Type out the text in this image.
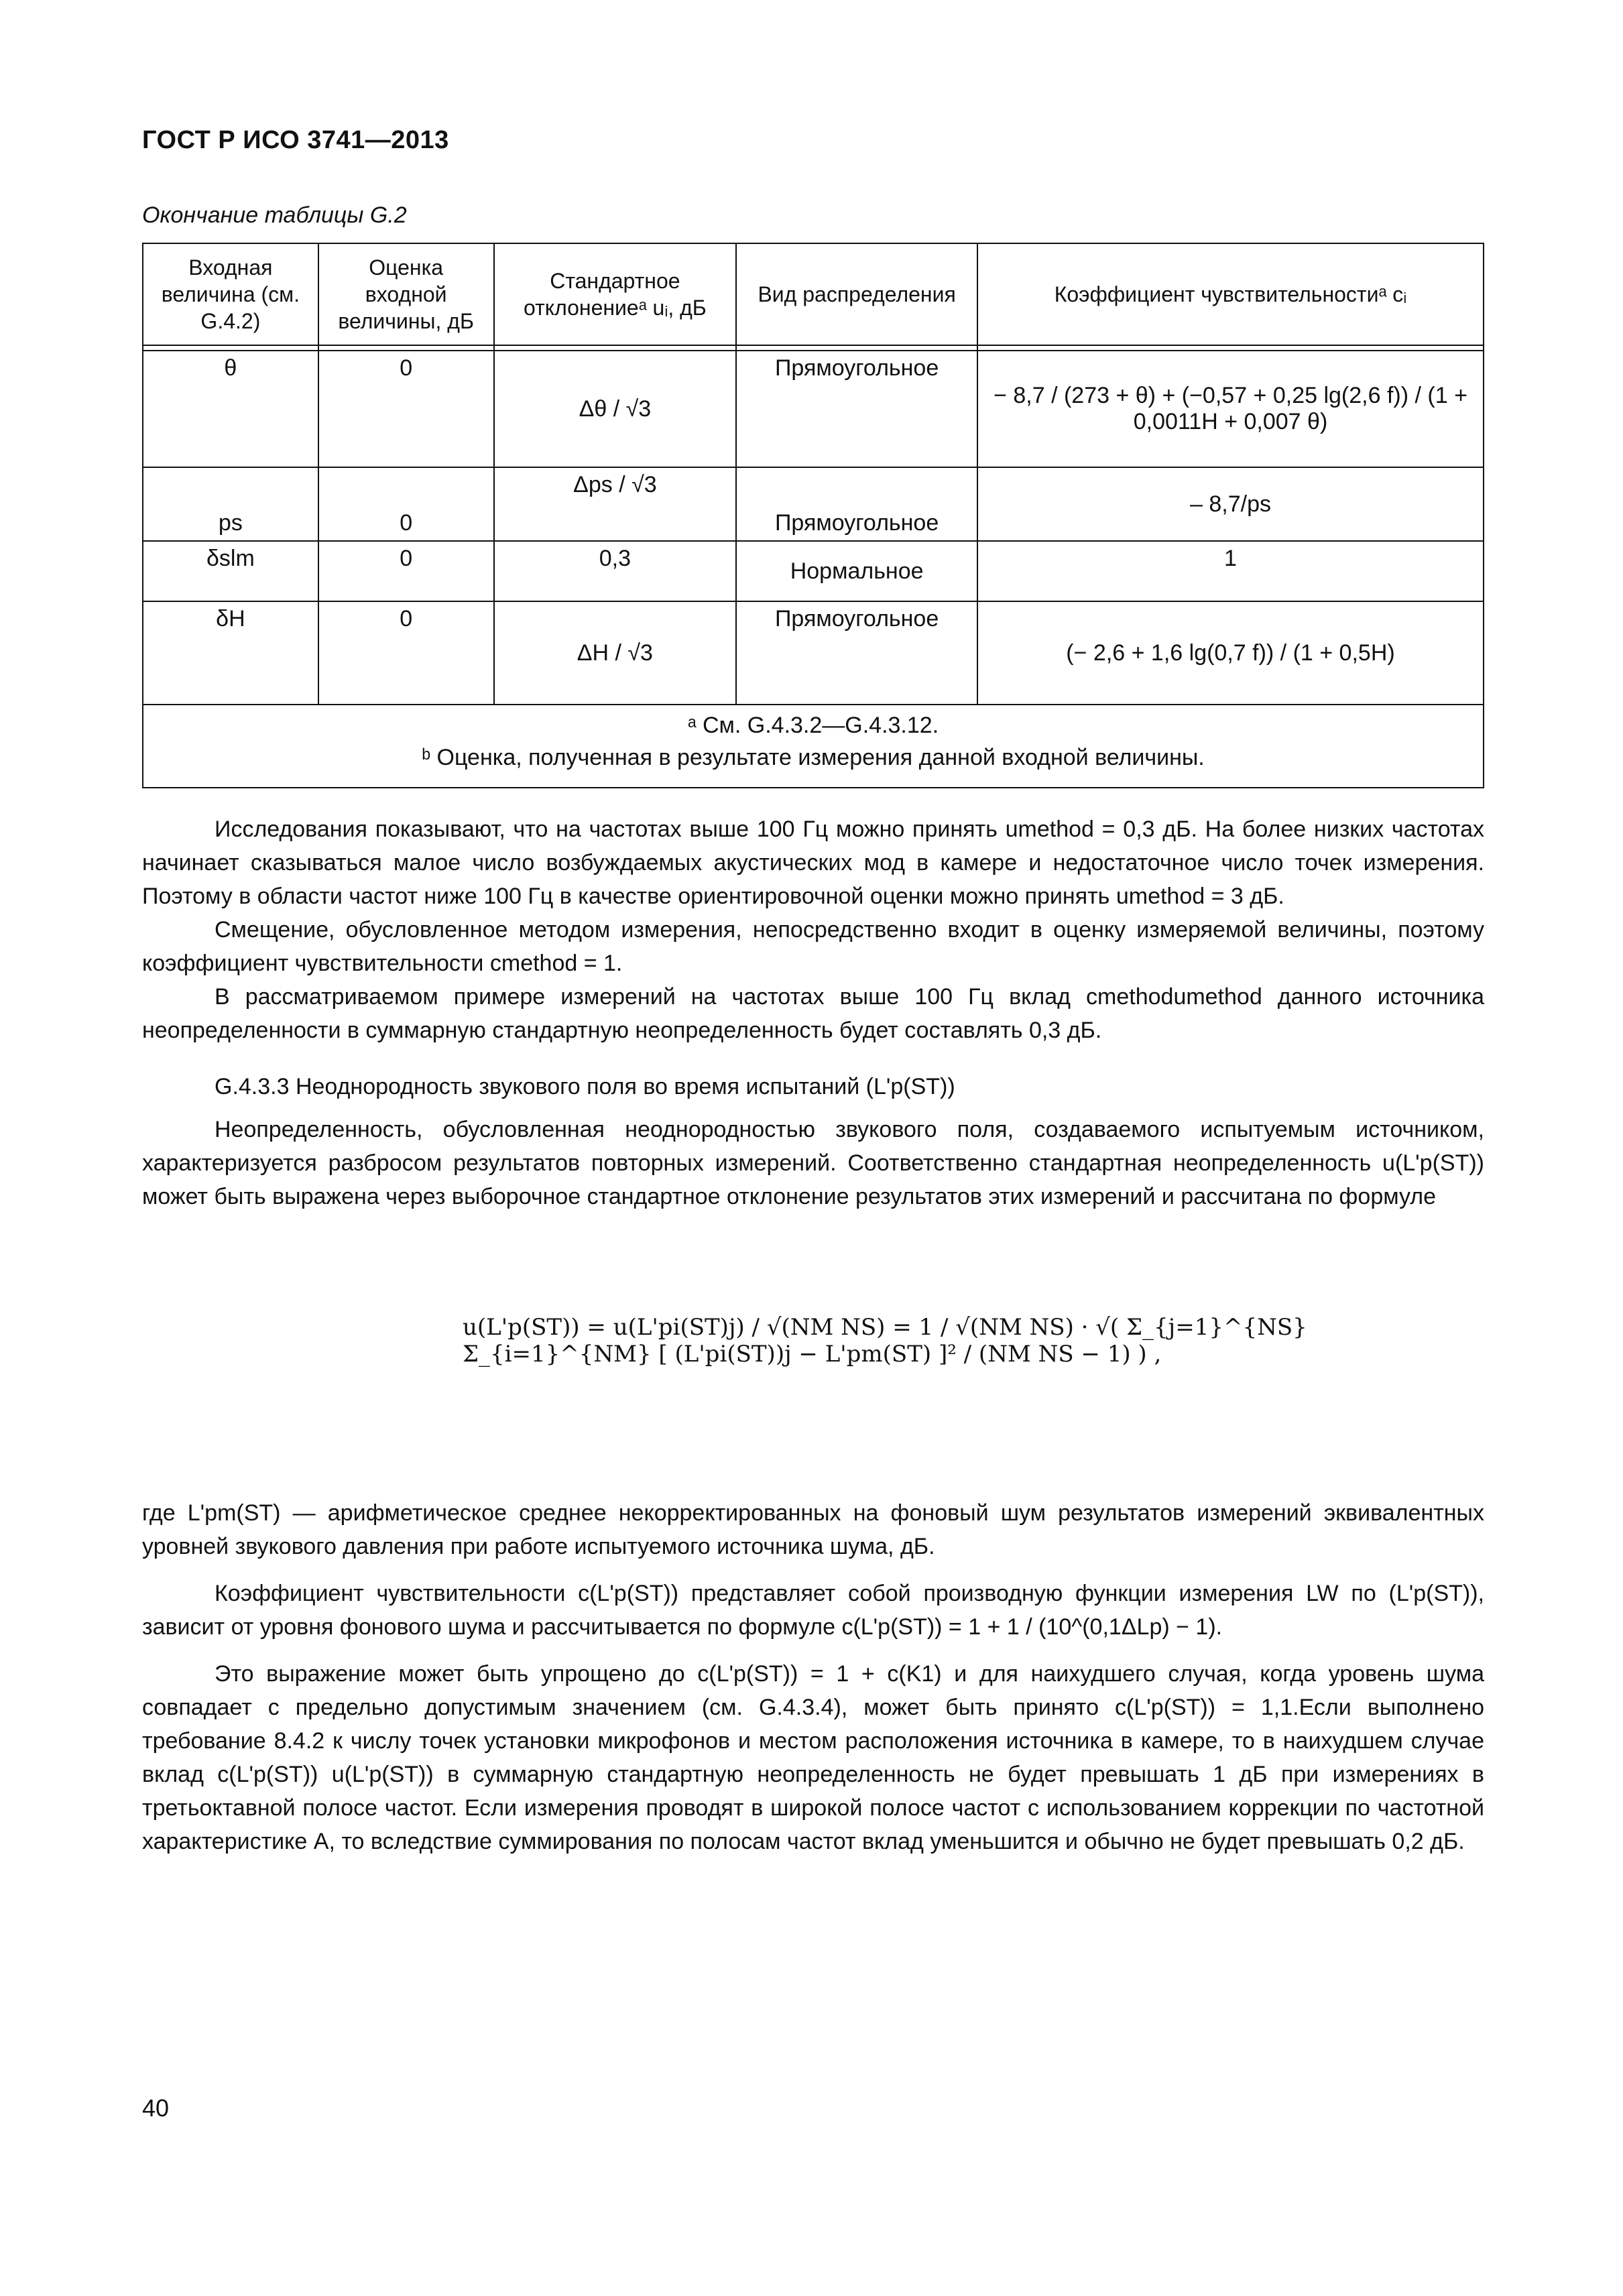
ГОСТ Р ИСО 3741—2013
Окончание таблицы G.2
Входная величина (см. G.4.2)	Оценка входной величины, дБ	Стандартное отклонениеᵃ uᵢ, дБ	Вид распределения	Коэффициент чувствительностиᵃ cᵢ

θ	0	Δθ / √3	Прямоугольное	− 8,7 / (273 + θ) + (−0,57 + 0,25 lg(2,6 f)) / (1 + 0,0011H + 0,007 θ)
ps	0	Δps / √3	Прямоугольное	– 8,7/ps
δslm	0	0,3	Нормальное	1
δH	0	ΔH / √3	Прямоугольное	(− 2,6 + 1,6 lg(0,7 f)) / (1 + 0,5H)

ᵃ См. G.4.3.2—G.4.3.12.
ᵇ Оценка, полученная в результате измерения данной входной величины.				

Исследования показывают, что на частотах выше 100 Гц можно принять umethod = 0,3 дБ. На более низких частотах начинает сказываться малое число возбуждаемых акустических мод в камере и недостаточное число точек измерения. Поэтому в области частот ниже 100 Гц в качестве ориентировочной оценки можно принять umethod = 3 дБ.

Смещение, обусловленное методом измерения, непосредственно входит в оценку измеряемой величины, поэтому коэффициент чувствительности cmethod = 1.

В рассматриваемом примере измерений на частотах выше 100 Гц вклад cmethodumethod данного источника неопределенности в суммарную стандартную неопределенность будет составлять 0,3 дБ.

G.4.3.3 Неоднородность звукового поля во время испытаний (L'p(ST))

Неопределенность, обусловленная неоднородностью звукового поля, создаваемого испытуемым источником, характеризуется разбросом результатов повторных измерений. Соответственно стандартная неопределенность u(L'p(ST)) может быть выражена через выборочное стандартное отклонение результатов этих измерений и рассчитана по формуле

u(L'p(ST)) = u(L'pi(ST)j) / √(NM NS) = 1 / √(NM NS) · √( Σ_{j=1}^{NS} Σ_{i=1}^{NM} [ (L'pi(ST))j − L'pm(ST) ]² / (NM NS − 1) ) ,

где L'pm(ST) — арифметическое среднее некорректированных на фоновый шум результатов измерений эквивалентных уровней звукового давления при работе испытуемого источника шума, дБ.

Коэффициент чувствительности c(L'p(ST)) представляет собой производную функции измерения LW по (L'p(ST)), зависит от уровня фонового шума и рассчитывается по формуле c(L'p(ST)) = 1 + 1 / (10^(0,1ΔLp) − 1).

Это выражение может быть упрощено до c(L'p(ST)) = 1 + c(K1) и для наихудшего случая, когда уровень шума совпадает с предельно допустимым значением (см. G.4.3.4), может быть принято c(L'p(ST)) = 1,1.Если выполнено требование 8.4.2 к числу точек установки микрофонов и местом расположения источника в камере, то в наихудшем случае вклад c(L'p(ST)) u(L'p(ST)) в суммарную стандартную неопределенность не будет превышать 1 дБ при измерениях в третьоктавной полосе частот. Если измерения проводят в широкой полосе частот с использованием коррекции по частотной характеристике A, то вследствие суммирования по полосам частот вклад уменьшится и обычно не будет превышать 0,2 дБ.

40
